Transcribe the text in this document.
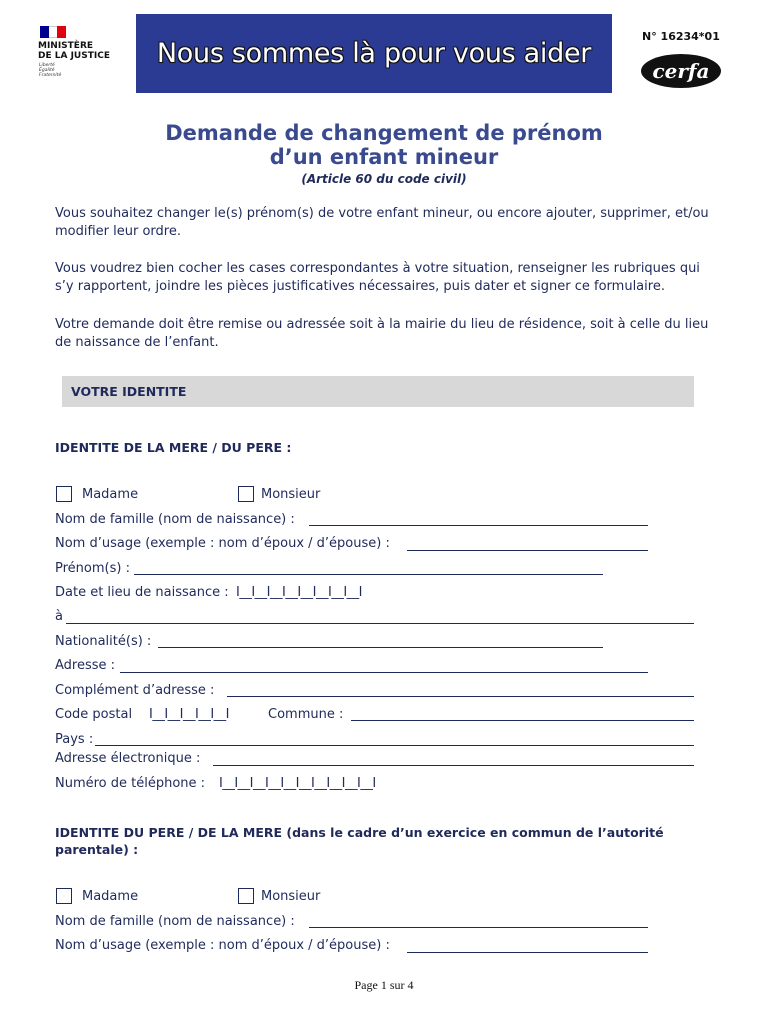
MINISTÈRE
DE LA JUSTICE
Liberté
Égalité
Fraternité
Nous sommes là pour vous aider
N° 16234*01
cerfa
Demande de changement de prénom
d’un enfant mineur
(Article 60 du code civil)
Vous souhaitez changer le(s) prénom(s) de votre enfant mineur, ou encore ajouter, supprimer, et/ou modifier leur ordre.
Vous voudrez bien cocher les cases correspondantes à votre situation, renseigner les rubriques qui s’y rapportent, joindre les pièces justificatives nécessaires, puis dater et signer ce formulaire.
Votre demande doit être remise ou adressée soit à la mairie du lieu de résidence, soit à celle du lieu de naissance de l’enfant.
VOTRE IDENTITE
IDENTITE DE LA MERE / DU PERE :
Madame	Monsieur
Nom de famille (nom de naissance) :
Nom d’usage (exemple : nom d’époux / d’épouse) :
Prénom(s) :
Date et lieu de naissance : I__I__I__I__I__I__I__I__I
à
Nationalité(s) :
Adresse :
Complément d’adresse :
Code postal I__I__I__I__I__I	Commune :
Pays :
Adresse électronique :
Numéro de téléphone : I__I__I__I__I__I__I__I__I__I__I
IDENTITE DU PERE / DE LA MERE (dans le cadre d’un exercice en commun de l’autorité parentale) :
Madame	Monsieur
Nom de famille (nom de naissance) :
Nom d’usage (exemple : nom d’époux / d’épouse) :
Page 1 sur 4
